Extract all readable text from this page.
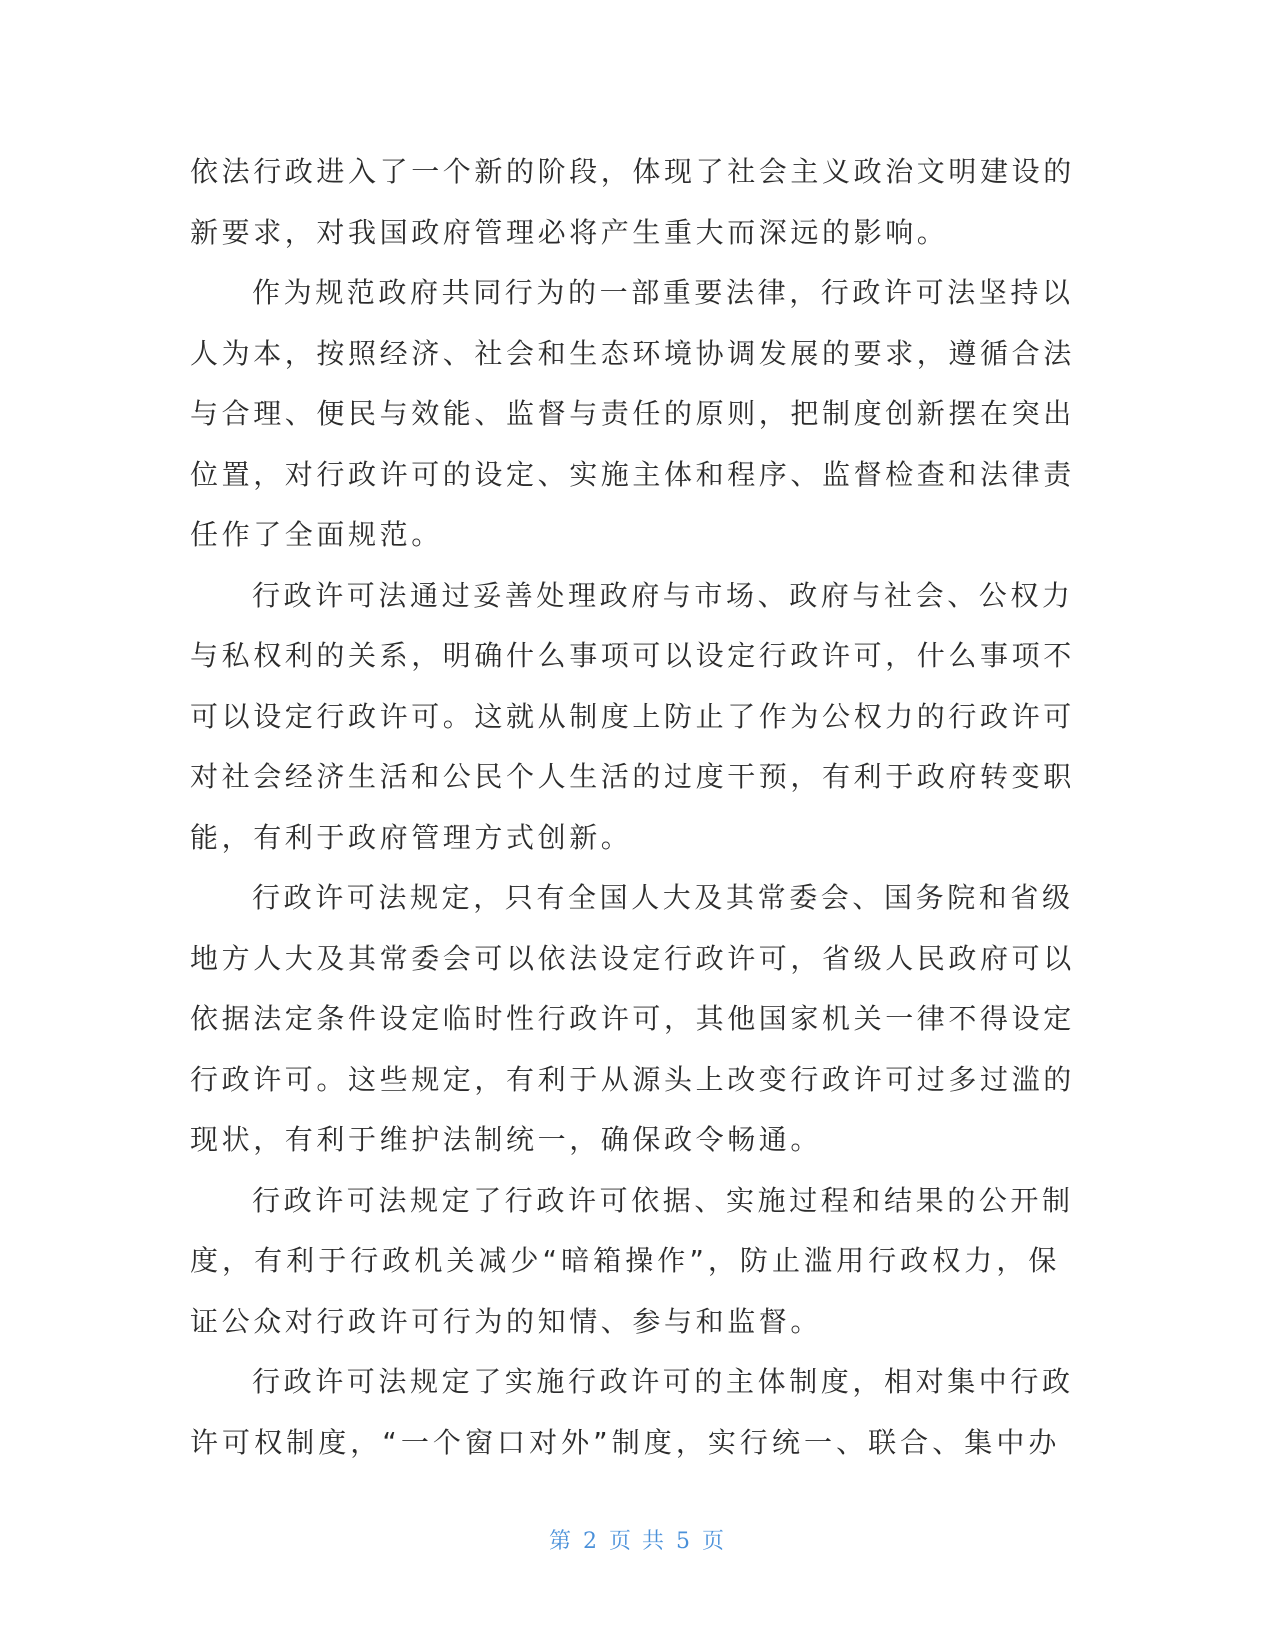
依法行政进入了一个新的阶段，体现了社会主义政治文明建设的
新要求，对我国政府管理必将产生重大而深远的影响。

作为规范政府共同行为的一部重要法律，行政许可法坚持以
人为本，按照经济、社会和生态环境协调发展的要求，遵循合法
与合理、便民与效能、监督与责任的原则，把制度创新摆在突出
位置，对行政许可的设定、实施主体和程序、监督检查和法律责
任作了全面规范。

行政许可法通过妥善处理政府与市场、政府与社会、公权力
与私权利的关系，明确什么事项可以设定行政许可，什么事项不
可以设定行政许可。这就从制度上防止了作为公权力的行政许可
对社会经济生活和公民个人生活的过度干预，有利于政府转变职
能，有利于政府管理方式创新。

行政许可法规定，只有全国人大及其常委会、国务院和省级
地方人大及其常委会可以依法设定行政许可，省级人民政府可以
依据法定条件设定临时性行政许可，其他国家机关一律不得设定
行政许可。这些规定，有利于从源头上改变行政许可过多过滥的
现状，有利于维护法制统一，确保政令畅通。

行政许可法规定了行政许可依据、实施过程和结果的公开制
度，有利于行政机关减少“暗箱操作”，防止滥用行政权力，保
证公众对行政许可行为的知情、参与和监督。

行政许可法规定了实施行政许可的主体制度，相对集中行政
许可权制度，“一个窗口对外”制度，实行统一、联合、集中办

第 2 页 共 5 页
